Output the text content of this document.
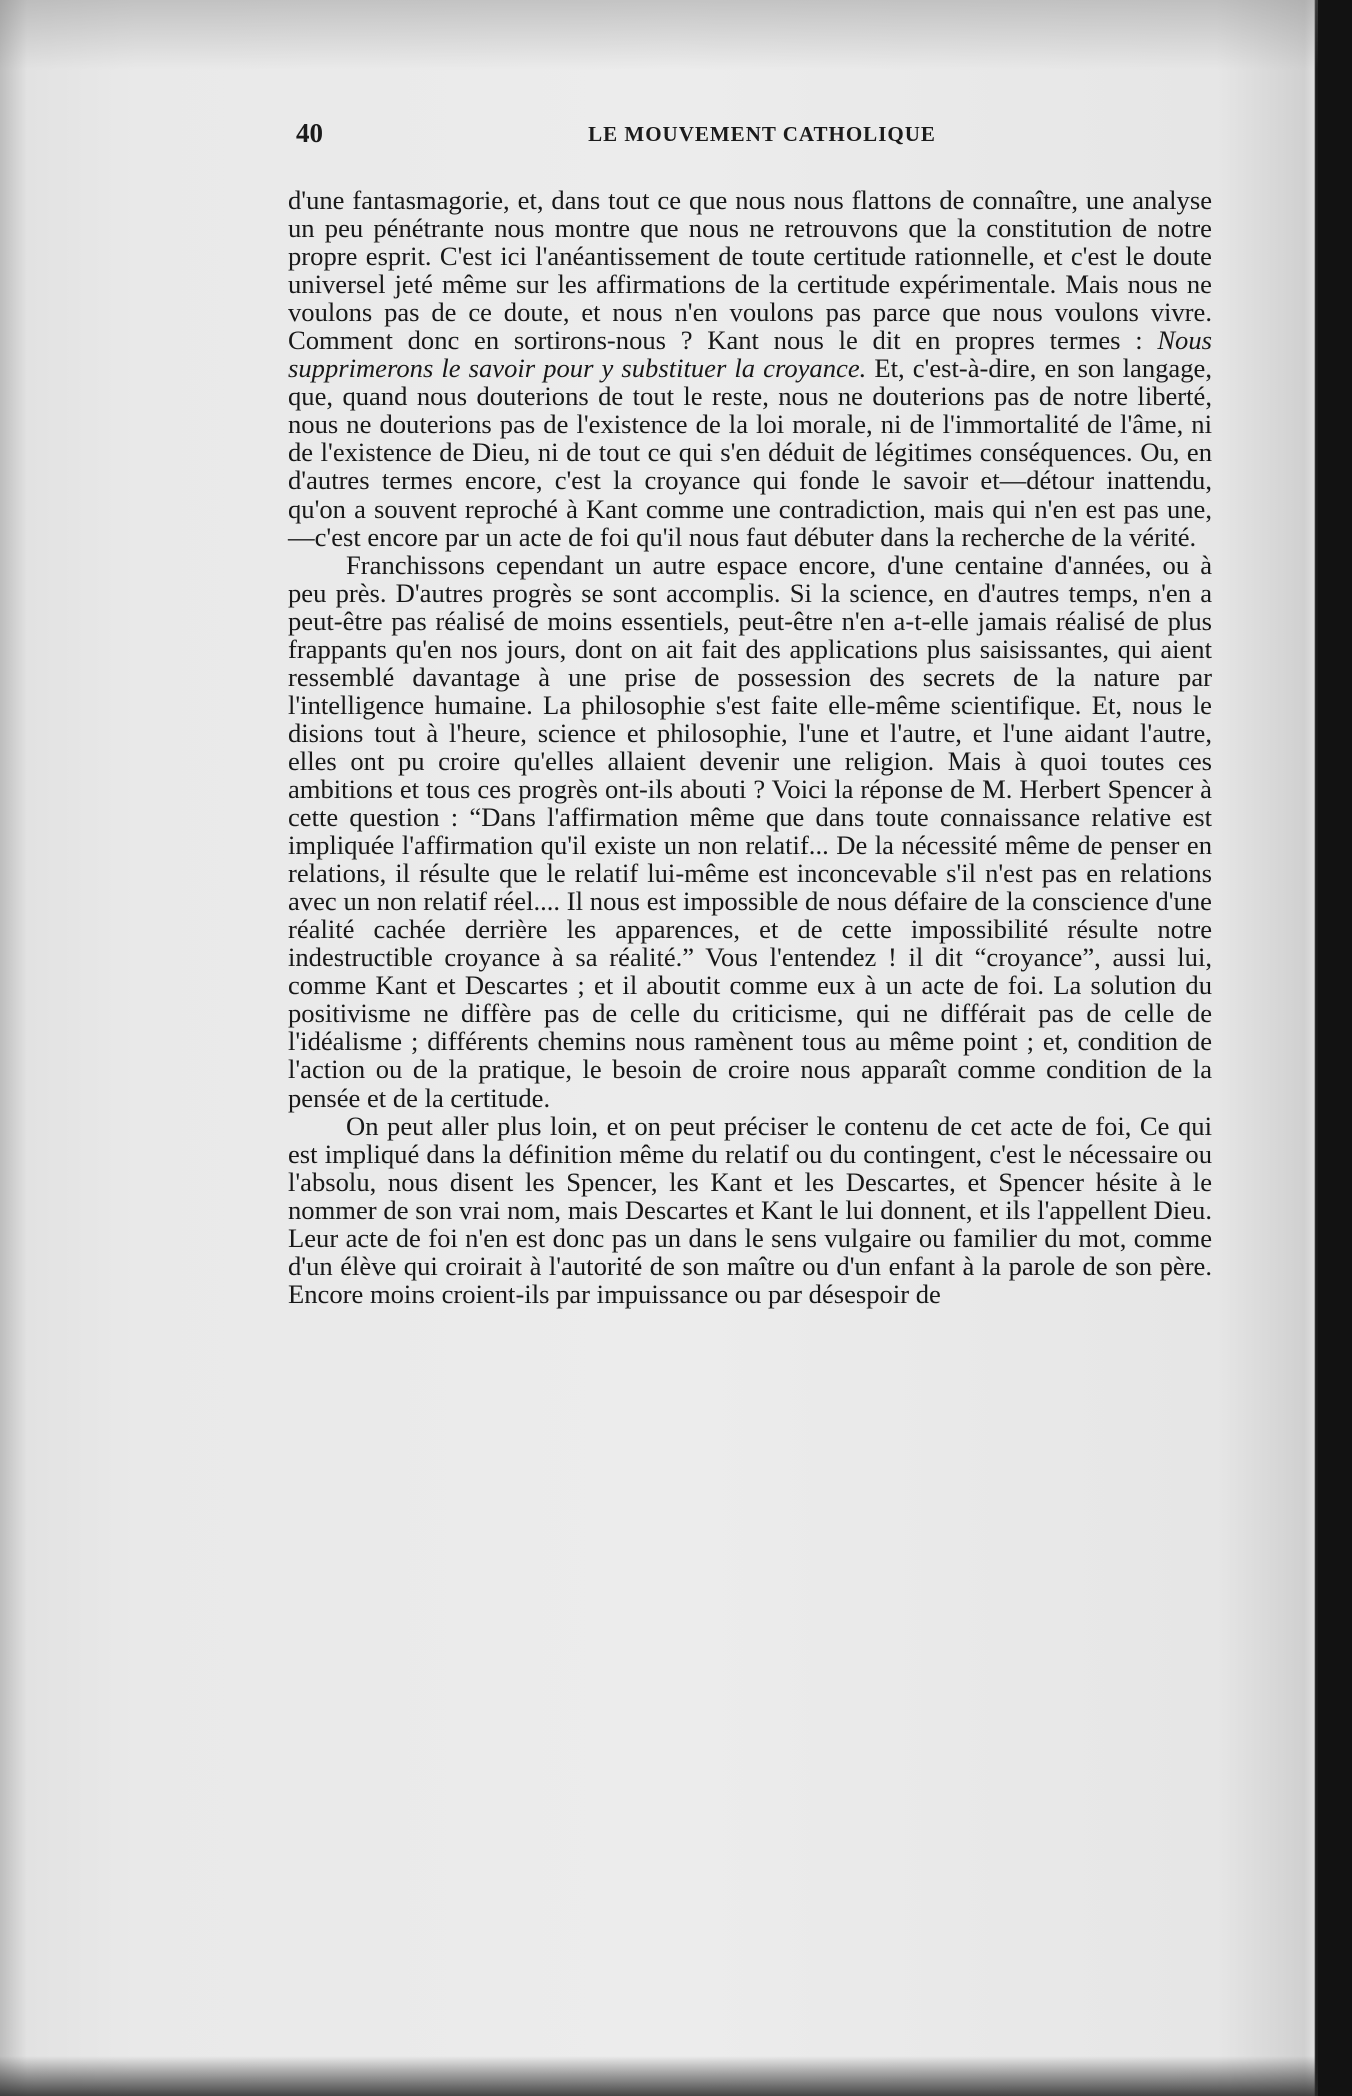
40	LE MOUVEMENT CATHOLIQUE

d'une fantasmagorie, et, dans tout ce que nous nous flattons de connaître, une analyse un peu pénétrante nous montre que nous ne retrouvons que la constitution de notre propre esprit. C'est ici l'anéantissement de toute certitude rationnelle, et c'est le doute universel jeté même sur les affirmations de la certitude expérimentale. Mais nous ne voulons pas de ce doute, et nous n'en voulons pas parce que nous voulons vivre. Comment donc en sortirons-nous ? Kant nous le dit en propres termes : Nous supprimerons le savoir pour y substituer la croyance. Et, c'est-à-dire, en son langage, que, quand nous douterions de tout le reste, nous ne douterions pas de notre liberté, nous ne douterions pas de l'existence de la loi morale, ni de l'immortalité de l'âme, ni de l'existence de Dieu, ni de tout ce qui s'en déduit de légitimes conséquences. Ou, en d'autres termes encore, c'est la croyance qui fonde le savoir et—détour inattendu, qu'on a souvent reproché à Kant comme une contradiction, mais qui n'en est pas une,—c'est encore par un acte de foi qu'il nous faut débuter dans la recherche de la vérité.

Franchissons cependant un autre espace encore, d'une centaine d'années, ou à peu près. D'autres progrès se sont accomplis. Si la science, en d'autres temps, n'en a peut-être pas réalisé de moins essentiels, peut-être n'en a-t-elle jamais réalisé de plus frappants qu'en nos jours, dont on ait fait des applications plus saisissantes, qui aient ressemblé davantage à une prise de possession des secrets de la nature par l'intelligence humaine. La philosophie s'est faite elle-même scientifique. Et, nous le disions tout à l'heure, science et philosophie, l'une et l'autre, et l'une aidant l'autre, elles ont pu croire qu'elles allaient devenir une religion. Mais à quoi toutes ces ambitions et tous ces progrès ont-ils abouti ? Voici la réponse de M. Herbert Spencer à cette question : “Dans l'affirmation même que dans toute connaissance relative est impliquée l'affirmation qu'il existe un non relatif... De la nécessité même de penser en relations, il résulte que le relatif lui-même est inconcevable s'il n'est pas en relations avec un non relatif réel.... Il nous est impossible de nous défaire de la conscience d'une réalité cachée derrière les apparences, et de cette impossibilité résulte notre indestructible croyance à sa réalité.” Vous l'entendez ! il dit “croyance”, aussi lui, comme Kant et Descartes ; et il aboutit comme eux à un acte de foi. La solution du positivisme ne diffère pas de celle du criticisme, qui ne différait pas de celle de l'idéalisme ; différents chemins nous ramènent tous au même point ; et, condition de l'action ou de la pratique, le besoin de croire nous apparaît comme condition de la pensée et de la certitude.

On peut aller plus loin, et on peut préciser le contenu de cet acte de foi, Ce qui est impliqué dans la définition même du relatif ou du contingent, c'est le nécessaire ou l'absolu, nous disent les Spencer, les Kant et les Descartes, et Spencer hésite à le nommer de son vrai nom, mais Descartes et Kant le lui donnent, et ils l'appellent Dieu. Leur acte de foi n'en est donc pas un dans le sens vulgaire ou familier du mot, comme d'un élève qui croirait à l'autorité de son maître ou d'un enfant à la parole de son père. Encore moins croient-ils par impuissance ou par désespoir de
